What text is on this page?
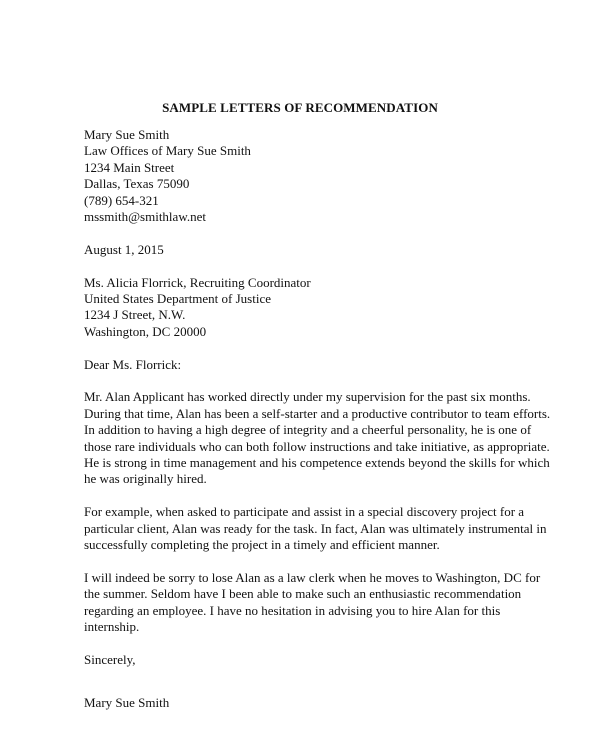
SAMPLE LETTERS OF RECOMMENDATION
Mary Sue Smith
Law Offices of Mary Sue Smith
1234 Main Street
Dallas, Texas 75090
(789) 654-321
mssmith@smithlaw.net
August 1, 2015
Ms. Alicia Florrick, Recruiting Coordinator
United States Department of Justice
1234 J Street, N.W.
Washington, DC 20000
Dear Ms. Florrick:
Mr. Alan Applicant has worked directly under my supervision for the past six months.
During that time, Alan has been a self-starter and a productive contributor to team efforts.
In addition to having a high degree of integrity and a cheerful personality, he is one of
those rare individuals who can both follow instructions and take initiative, as appropriate.
He is strong in time management and his competence extends beyond the skills for which
he was originally hired.
For example, when asked to participate and assist in a special discovery project for a
particular client, Alan was ready for the task. In fact, Alan was ultimately instrumental in
successfully completing the project in a timely and efficient manner.
I will indeed be sorry to lose Alan as a law clerk when he moves to Washington, DC for
the summer. Seldom have I been able to make such an enthusiastic recommendation
regarding an employee. I have no hesitation in advising you to hire Alan for this
internship.
Sincerely,
Mary Sue Smith
